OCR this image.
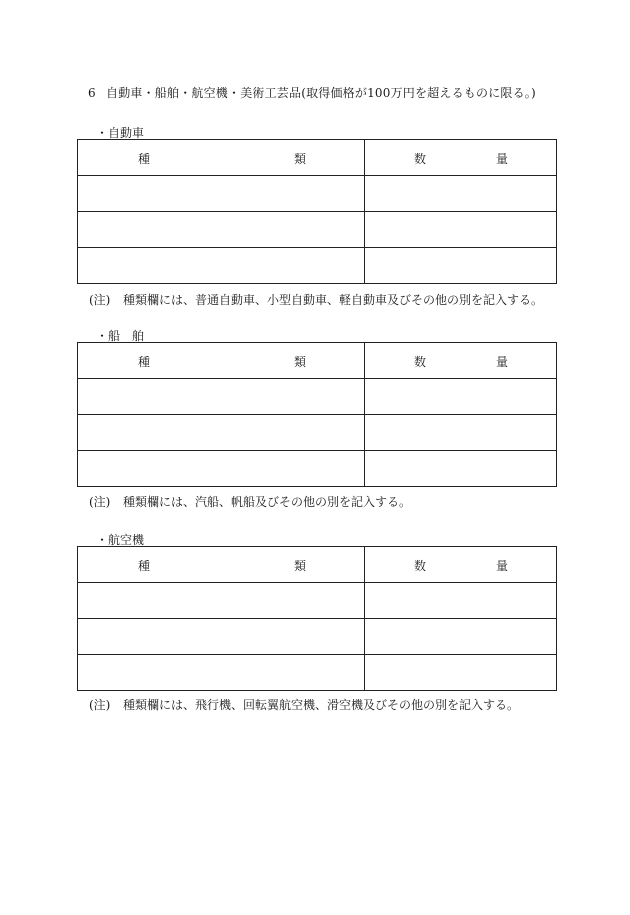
6 自動車・船舶・航空機・美術工芸品(取得価格が100万円を超えるものに限る。)
・自動車
種 類	数 量

(注) 種類欄には、普通自動車、小型自動車、軽自動車及びその他の別を記入する。
・船　舶
種 類	数 量

(注) 種類欄には、汽船、帆船及びその他の別を記入する。
・航空機
種 類	数 量

(注) 種類欄には、飛行機、回転翼航空機、滑空機及びその他の別を記入する。
